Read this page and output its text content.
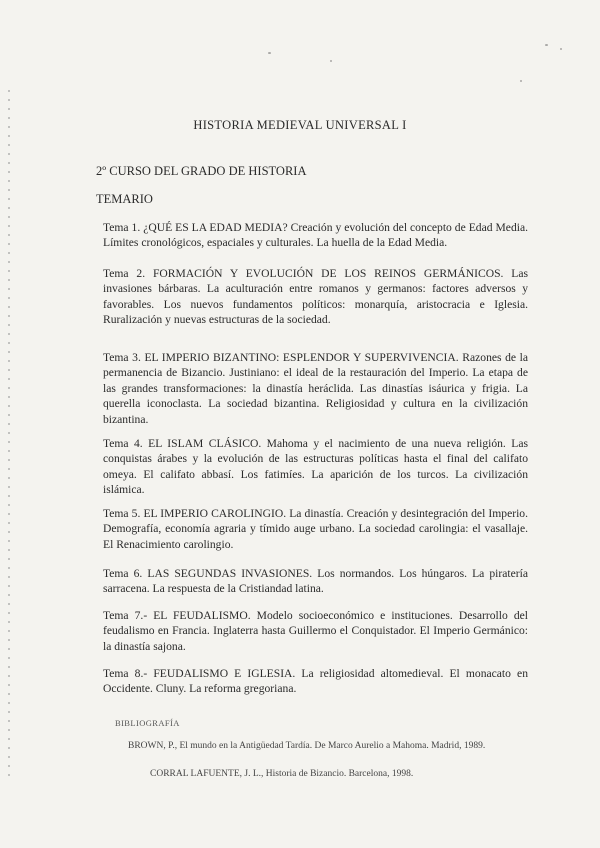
HISTORIA MEDIEVAL UNIVERSAL I
2º CURSO DEL GRADO DE HISTORIA
TEMARIO

Tema 1. ¿QUÉ ES LA EDAD MEDIA? Creación y evolución del concepto de Edad Media. Límites cronológicos, espaciales y culturales. La huella de la Edad Media.

Tema 2. FORMACIÓN Y EVOLUCIÓN DE LOS REINOS GERMÁNICOS. Las invasiones bárbaras. La aculturación entre romanos y germanos: factores adversos y favorables. Los nuevos fundamentos políticos: monarquía, aristocracia e Iglesia. Ruralización y nuevas estructuras de la sociedad.

Tema 3. EL IMPERIO BIZANTINO: ESPLENDOR Y SUPERVIVENCIA. Razones de la permanencia de Bizancio. Justiniano: el ideal de la restauración del Imperio. La etapa de las grandes transformaciones: la dinastía heráclida. Las dinastías isáurica y frigia. La querella iconoclasta. La sociedad bizantina. Religiosidad y cultura en la civilización bizantina.

Tema 4. EL ISLAM CLÁSICO. Mahoma y el nacimiento de una nueva religión. Las conquistas árabes y la evolución de las estructuras políticas hasta el final del califato omeya. El califato abbasí. Los fatimíes. La aparición de los turcos. La civilización islámica.

Tema 5. EL IMPERIO CAROLINGIO. La dinastía. Creación y desintegración del Imperio. Demografía, economía agraria y tímido auge urbano. La sociedad carolingia: el vasallaje. El Renacimiento carolingio.

Tema 6. LAS SEGUNDAS INVASIONES. Los normandos. Los húngaros. La piratería sarracena. La respuesta de la Cristiandad latina.

Tema 7.- EL FEUDALISMO. Modelo socioeconómico e instituciones. Desarrollo del feudalismo en Francia. Inglaterra hasta Guillermo el Conquistador. El Imperio Germánico: la dinastía sajona.

Tema 8.- FEUDALISMO E IGLESIA. La religiosidad altomedieval. El monacato en Occidente. Cluny. La reforma gregoriana.

BIBLIOGRAFÍA
BROWN, P., El mundo en la Antigüedad Tardía. De Marco Aurelio a Mahoma. Madrid, 1989.
CORRAL LAFUENTE, J. L., Historia de Bizancio. Barcelona, 1998.
